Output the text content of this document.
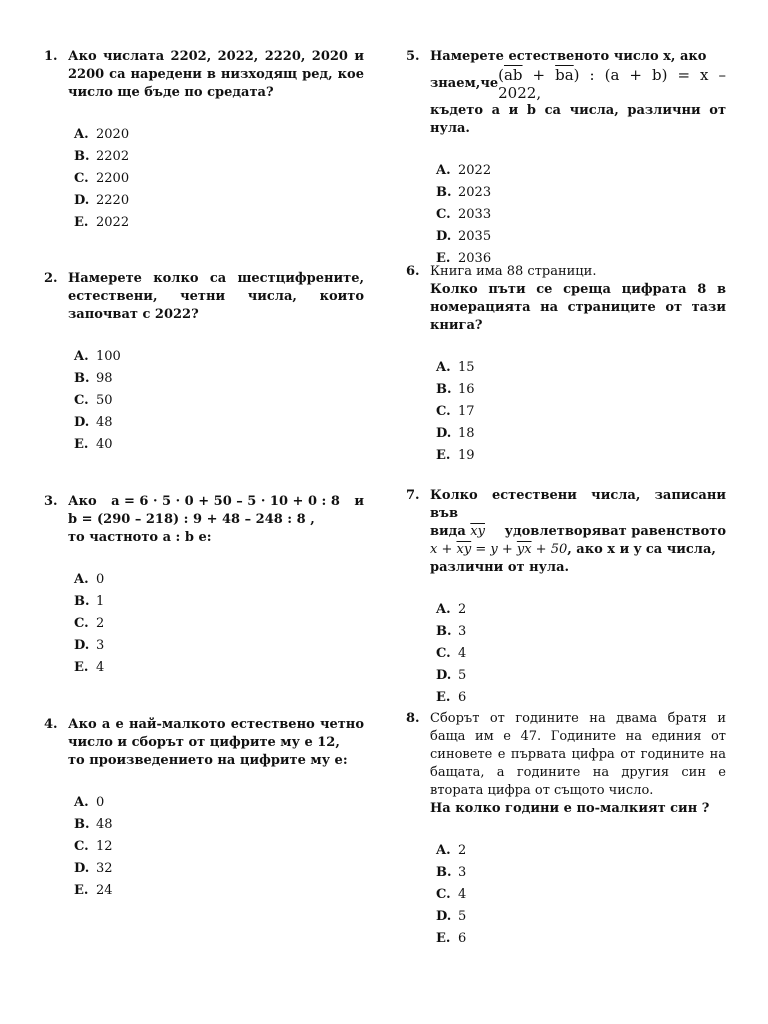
1. Ако числата 2202, 2022, 2220, 2020 и 2200 са наредени в низходящ ред, кое число ще бъде по средата?
A. 2020
B. 2202
C. 2200
D. 2220
E. 2022
2. Намерете колко са шестцифрените, естествени, четни числа, които започват с 2022?
A. 100
B. 98
C. 50
D. 48
E. 40
3. Ако a = 6 · 5 · 0 + 50 – 5 · 10 + 0 : 8 и
b = (290 – 218) : 9 + 48 – 248 : 8 ,
то частното a : b е:
A. 0
B. 1
C. 2
D. 3
E. 4
4. Ако а е най-малкото естествено четно число и сборът от цифрите му е 12,
то произведението на цифрите му е:
A. 0
B. 48
C. 12
D. 32
E. 24
5. Намерете естественото число x, ако
знаем, че $(\overline{ab} + \overline{ba})$ : (a + b) = x – 2022,
където a и b са числа, различни от нула.
A. 2022
B. 2023
C. 2033
D. 2035
E. 2036
6. Книга има 88 страници.
Колко пъти се среща цифрата 8 в номерацията на страниците от тази книга?
A. 15
B. 16
C. 17
D. 18
E. 19
7. Колко естествени числа, записани във
вида $\overline{xy}$ удовлетворяват равенството
$x + \overline{xy} = y + \overline{yx} + 50$, ако x и y са числа,
различни от нула.
A. 2
B. 3
C. 4
D. 5
E. 6
8. Сборът от годините на двама братя и баща им е 47. Годините на единия от синовете е първата цифра от годините на бащата, а годините на другия син е втората цифра от същото число.
На колко години е по-малкият син ?
A. 2
B. 3
C. 4
D. 5
E. 6
